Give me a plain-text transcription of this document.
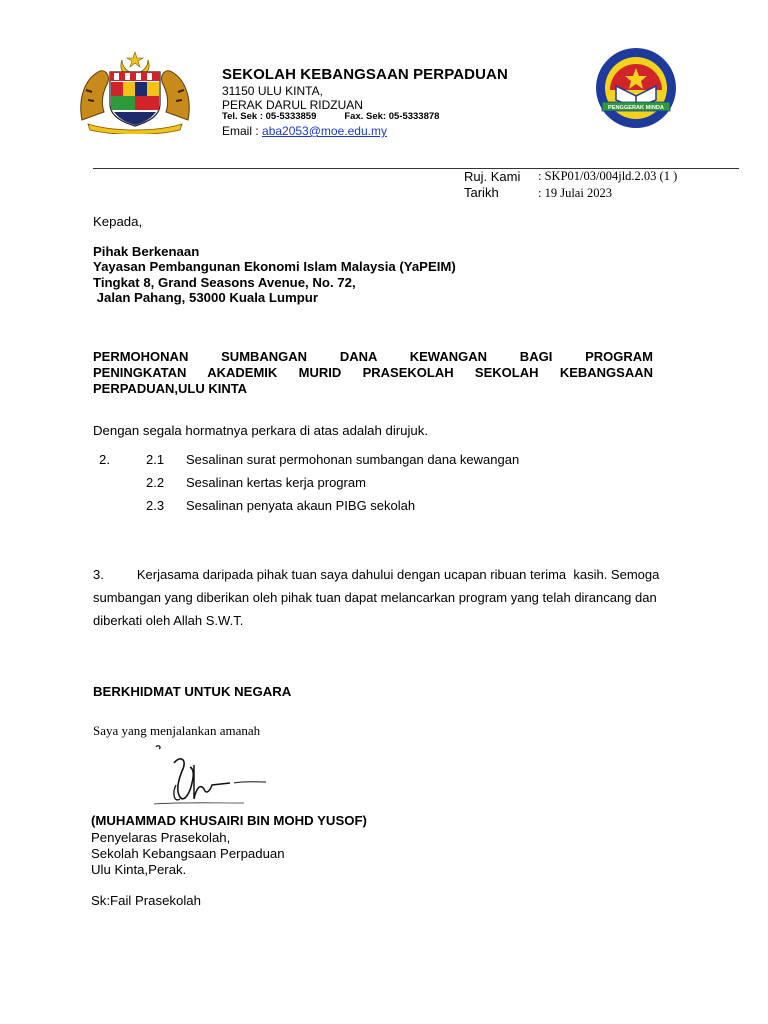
SEKOLAH KEBANGSAAN PERPADUAN
31150 ULU KINTA,
PERAK DARUL RIDZUAN
Tel. Sek : 05-5333859	Fax. Sek: 05-5333878
Email : aba2053@moe.edu.my
PENGGERAK MINDA
Ruj. Kami : SKP01/03/004jld.2.03 (1 )
Tarikh	: 19 Julai 2023
Kepada,
Pihak Berkenaan
Yayasan Pembangunan Ekonomi Islam Malaysia (YaPEIM)
Tingkat 8, Grand Seasons Avenue, No. 72,
Jalan Pahang, 53000 Kuala Lumpur
PERMOHONAN SUMBANGAN DANA KEWANGAN BAGI PROGRAM
PENINGKATAN AKADEMIK MURID PRASEKOLAH SEKOLAH KEBANGSAAN
PERPADUAN,ULU KINTA
Dengan segala hormatnya perkara di atas adalah dirujuk.
2.	2.1 Sesalinan surat permohonan sumbangan dana kewangan
2.2 Sesalinan kertas kerja program
2.3 Sesalinan penyata akaun PIBG sekolah
3.	Kerjasama daripada pihak tuan saya dahului dengan ucapan ribuan terima  kasih. Semoga
sumbangan yang diberikan oleh pihak tuan dapat melancarkan program yang telah dirancang dan
diberkati oleh Allah S.W.T.
BERKHIDMAT UNTUK NEGARA
Saya yang menjalankan amanah
(MUHAMMAD KHUSAIRI BIN MOHD YUSOF)
Penyelaras Prasekolah,
Sekolah Kebangsaan Perpaduan
Ulu Kinta,Perak.
Sk:Fail Prasekolah
